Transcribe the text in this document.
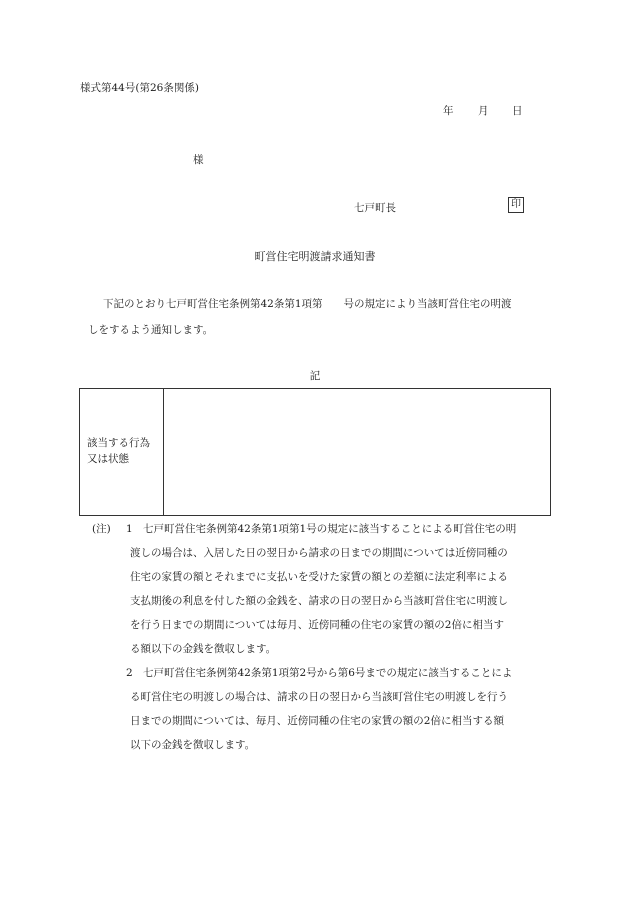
様式第44号(第26条関係)
年 月 日
様
七戸町長	印
町営住宅明渡請求通知書
下記のとおり七戸町営住宅条例第42条第1項第　　号の規定により当該町営住宅の明渡
しをするよう通知します。
記
該当する行為
又は状態
(注) 1 七戸町営住宅条例第42条第1項第1号の規定に該当することによる町営住宅の明
渡しの場合は、入居した日の翌日から請求の日までの期間については近傍同種の
住宅の家賃の額とそれまでに支払いを受けた家賃の額との差額に法定利率による
支払期後の利息を付した額の金銭を、請求の日の翌日から当該町営住宅に明渡し
を行う日までの期間については毎月、近傍同種の住宅の家賃の額の2倍に相当す
る額以下の金銭を徴収します。
2 七戸町営住宅条例第42条第1項第2号から第6号までの規定に該当することによ
る町営住宅の明渡しの場合は、請求の日の翌日から当該町営住宅の明渡しを行う
日までの期間については、毎月、近傍同種の住宅の家賃の額の2倍に相当する額
以下の金銭を徴収します。
